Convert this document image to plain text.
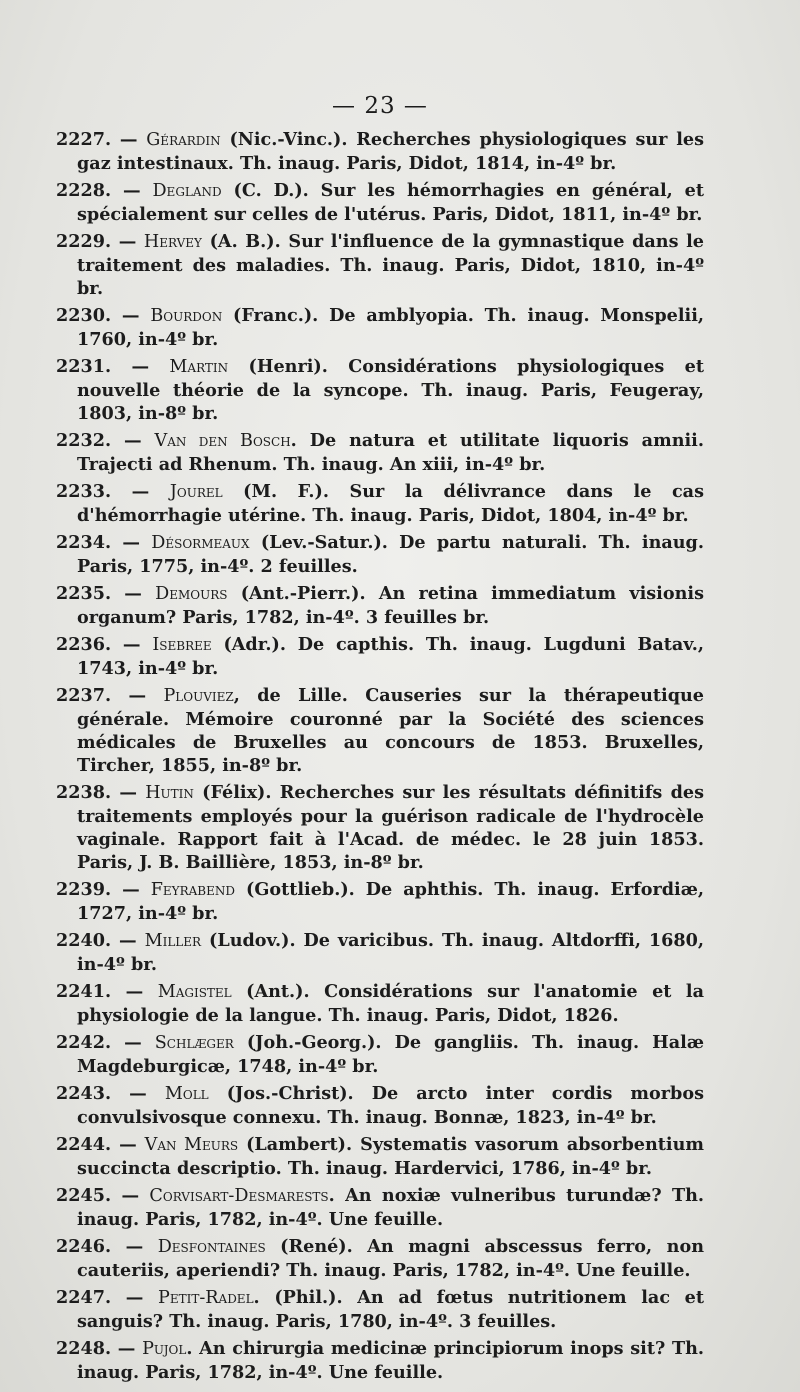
— 23 —
2227. — Gérardin (Nic.-Vinc.). Recherches physiologiques sur les gaz intestinaux. Th. inaug. Paris, Didot, 1814, in-4º br.
2228. — Degland (C. D.). Sur les hémorrhagies en général, et spécialement sur celles de l'utérus. Paris, Didot, 1811, in-4º br.
2229. — Hervey (A. B.). Sur l'influence de la gymnastique dans le traitement des maladies. Th. inaug. Paris, Didot, 1810, in-4º br.
2230. — Bourdon (Franc.). De amblyopia. Th. inaug. Monspelii, 1760, in-4º br.
2231. — Martin (Henri). Considérations physiologiques et nouvelle théorie de la syncope. Th. inaug. Paris, Feugeray, 1803, in-8º br.
2232. — Van den Bosch. De natura et utilitate liquoris amnii. Trajecti ad Rhenum. Th. inaug. An xiii, in-4º br.
2233. — Jourel (M. F.). Sur la délivrance dans le cas d'hémorrhagie utérine. Th. inaug. Paris, Didot, 1804, in-4º br.
2234. — Désormeaux (Lev.-Satur.). De partu naturali. Th. inaug. Paris, 1775, in-4º. 2 feuilles.
2235. — Demours (Ant.-Pierr.). An retina immediatum visionis organum? Paris, 1782, in-4º. 3 feuilles br.
2236. — Isebree (Adr.). De capthis. Th. inaug. Lugduni Batav., 1743, in-4º br.
2237. — Plouviez, de Lille. Causeries sur la thérapeutique générale. Mémoire couronné par la Société des sciences médicales de Bruxelles au concours de 1853. Bruxelles, Tircher, 1855, in-8º br.
2238. — Hutin (Félix). Recherches sur les résultats définitifs des traitements employés pour la guérison radicale de l'hydrocèle vaginale. Rapport fait à l'Acad. de médec. le 28 juin 1853. Paris, J. B. Baillière, 1853, in-8º br.
2239. — Feyrabend (Gottlieb.). De aphthis. Th. inaug. Erfordiæ, 1727, in-4º br.
2240. — Miller (Ludov.). De varicibus. Th. inaug. Altdorffi, 1680, in-4º br.
2241. — Magistel (Ant.). Considérations sur l'anatomie et la physiologie de la langue. Th. inaug. Paris, Didot, 1826.
2242. — Schlæger (Joh.-Georg.). De gangliis. Th. inaug. Halæ Magdeburgicæ, 1748, in-4º br.
2243. — Moll (Jos.-Christ). De arcto inter cordis morbos convulsivosque connexu. Th. inaug. Bonnæ, 1823, in-4º br.
2244. — Van Meurs (Lambert). Systematis vasorum absorbentium succincta descriptio. Th. inaug. Hardervici, 1786, in-4º br.
2245. — Corvisart-Desmarests. An noxiæ vulneribus turundæ? Th. inaug. Paris, 1782, in-4º. Une feuille.
2246. — Desfontaines (René). An magni abscessus ferro, non cauteriis, aperiendi? Th. inaug. Paris, 1782, in-4º. Une feuille.
2247. — Petit-Radel. (Phil.). An ad fœtus nutritionem lac et sanguis? Th. inaug. Paris, 1780, in-4º. 3 feuilles.
2248. — Pujol. An chirurgia medicinæ principiorum inops sit? Th. inaug. Paris, 1782, in-4º. Une feuille.
